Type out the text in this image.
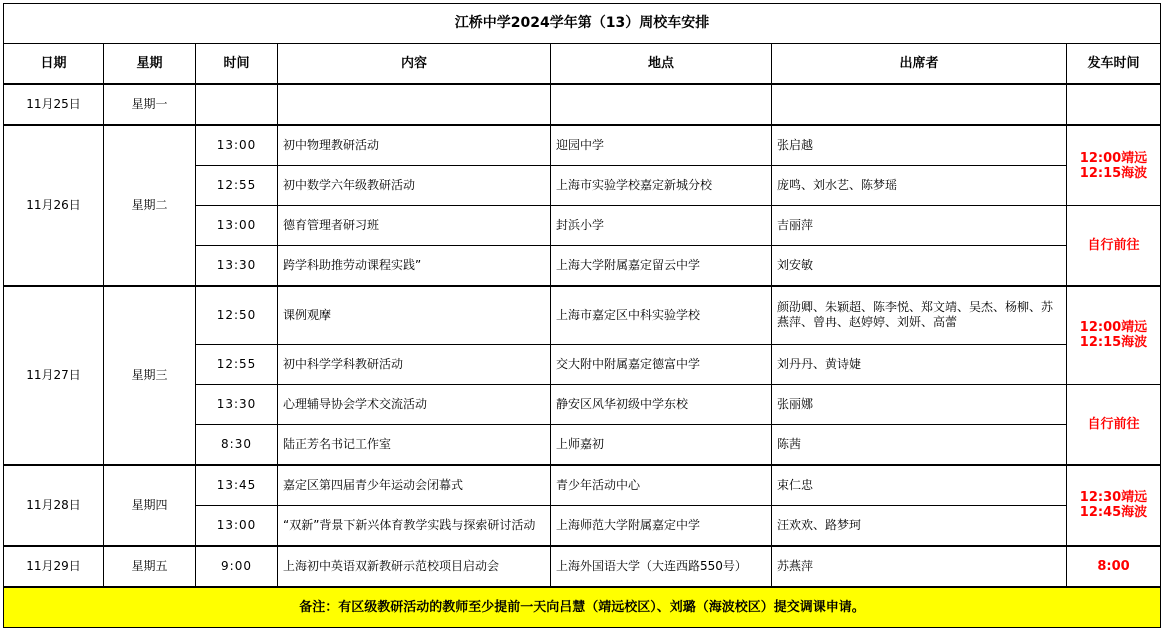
江桥中学2024学年第（13）周校车安排						
日期	星期	时间	内容	地点	出席者	发车时间
11月25日	星期一					
11月26日	星期二	13:00	初中物理教研活动	迎园中学	张启越	12:00靖远
12:15海波

		12:55	初中数学六年级教研活动	上海市实验学校嘉定新城分校	庞鸣、刘水艺、陈梦瑶	
		13:00	德育管理者研习班	封浜小学	吉丽萍	自行前往

		13:30	跨学科助推劳动课程实践”	上海大学附属嘉定留云中学	刘安敏	
11月27日	星期三	12:50	课例观摩	上海市嘉定区中科实验学校	颜劭卿、朱颖超、陈李悦、郑文靖、吴杰、杨柳、苏燕萍、曾冉、赵婷婷、刘妍、高蕾	12:00靖远
12:15海波

		12:55	初中科学学科教研活动	交大附中附属嘉定德富中学	刘丹丹、黄诗婕	
		13:30	心理辅导协会学术交流活动	静安区风华初级中学东校	张丽娜	自行前往

		8:30	陆正芳名书记工作室	上师嘉初	陈茜	
11月28日	星期四	13:45	嘉定区第四届青少年运动会闭幕式	青少年活动中心	束仁忠	12:30靖远
12:45海波

		13:00	“双新”背景下新兴体育教学实践与探索研讨活动	上海师范大学附属嘉定中学	汪欢欢、路梦珂	
11月29日	星期五	9:00	上海初中英语双新教研示范校项目启动会	上海外国语大学（大连西路550号）	苏燕萍	8:00

备注：有区级教研活动的教师至少提前一天向吕慧（靖远校区）、刘璐（海波校区）提交调课申请。						
